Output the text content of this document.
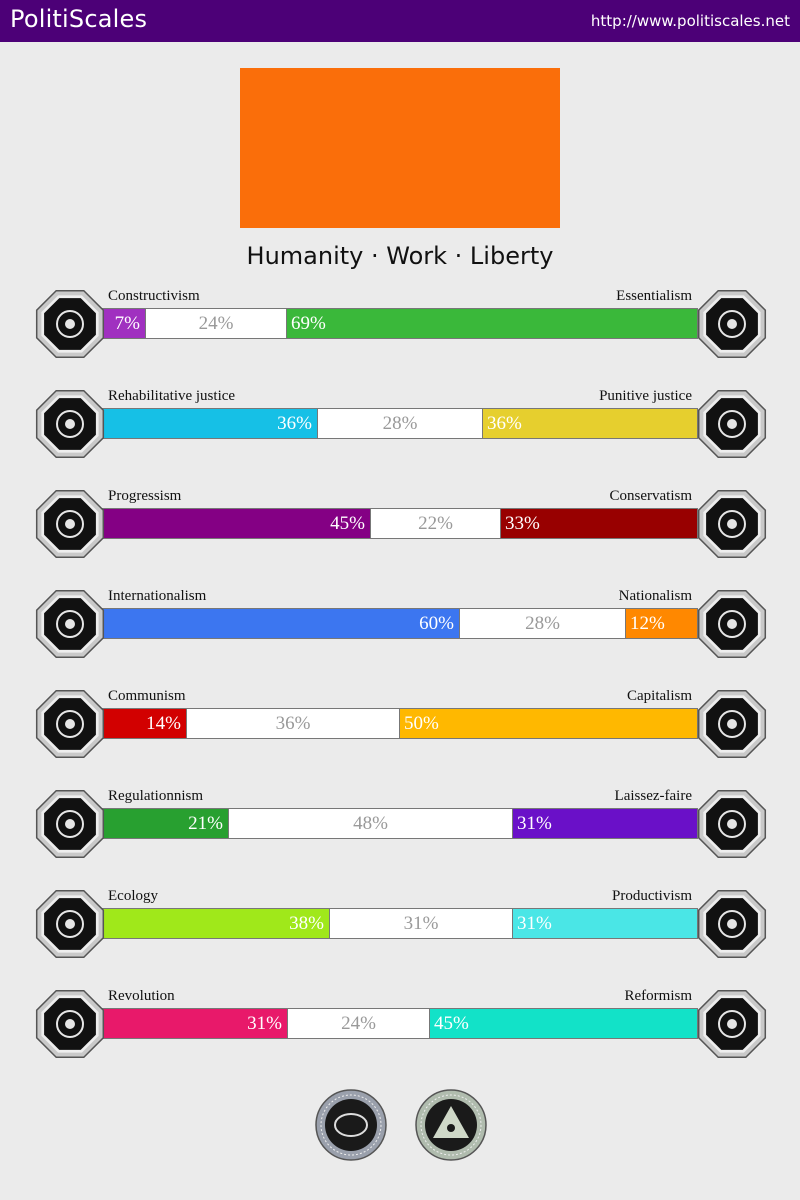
PolitiScales	http://www.politiscales.net
Humanity · Work · Liberty
Constructivism	Essentialism
7%	24%	69%
Rehabilitative justice	Punitive justice
36%	28%	36%
Progressism	Conservatism
45%	22%	33%
Internationalism	Nationalism
60%	28%	12%
Communism	Capitalism
14%	36%	50%
Regulationnism	Laissez-faire
21%	48%	31%
Ecology	Productivism
38%	31%	31%
Revolution	Reformism
31%	24%	45%
